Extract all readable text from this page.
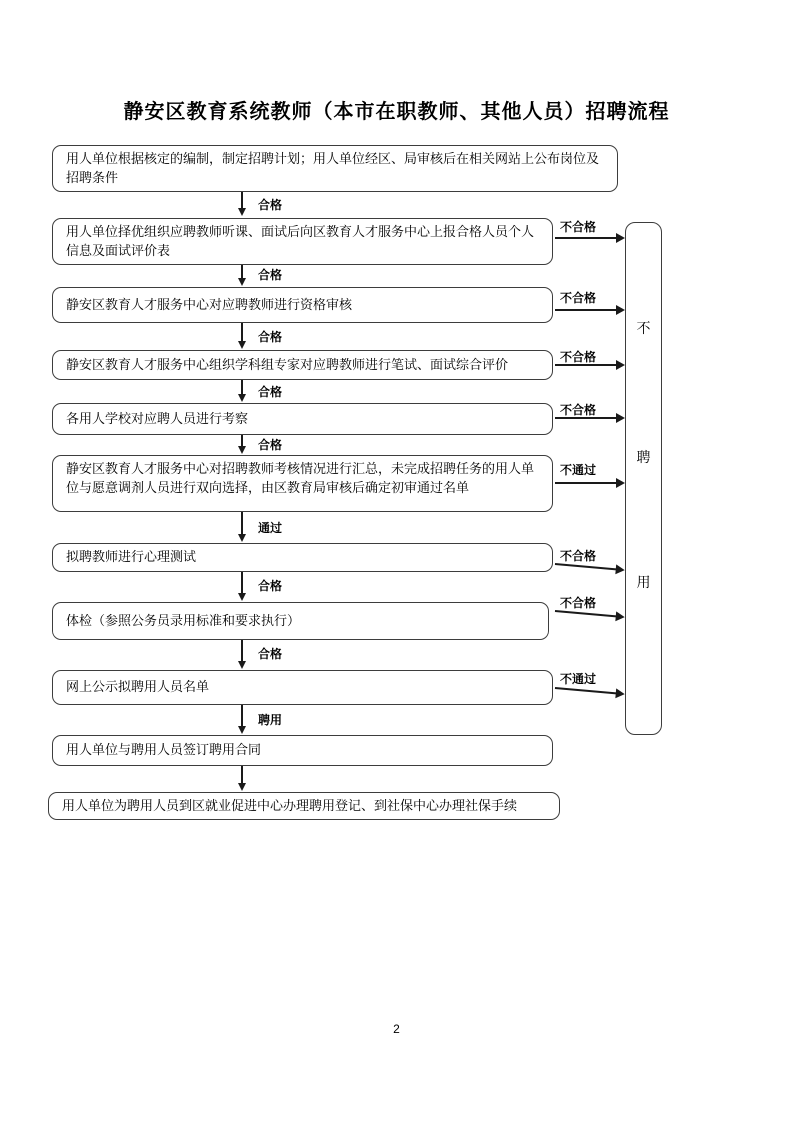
静安区教育系统教师（本市在职教师、其他人员）招聘流程
用人单位根据核定的编制，制定招聘计划；用人单位经区、局审核后在相关网站上公布岗位及招聘条件
用人单位择优组织应聘教师听课、面试后向区教育人才服务中心上报合格人员个人信息及面试评价表
静安区教育人才服务中心对应聘教师进行资格审核
静安区教育人才服务中心组织学科组专家对应聘教师进行笔试、面试综合评价
各用人学校对应聘人员进行考察
静安区教育人才服务中心对招聘教师考核情况进行汇总，未完成招聘任务的用人单位与愿意调剂人员进行双向选择，由区教育局审核后确定初审通过名单
拟聘教师进行心理测试
体检（参照公务员录用标准和要求执行）
网上公示拟聘用人员名单
用人单位与聘用人员签订聘用合同
用人单位为聘用人员到区就业促进中心办理聘用登记、到社保中心办理社保手续
合格
合格
合格
合格
合格
通过
合格
合格
聘用
不合格
不合格
不合格
不合格
不通过
不合格
不合格
不通过
不
聘
用
2
